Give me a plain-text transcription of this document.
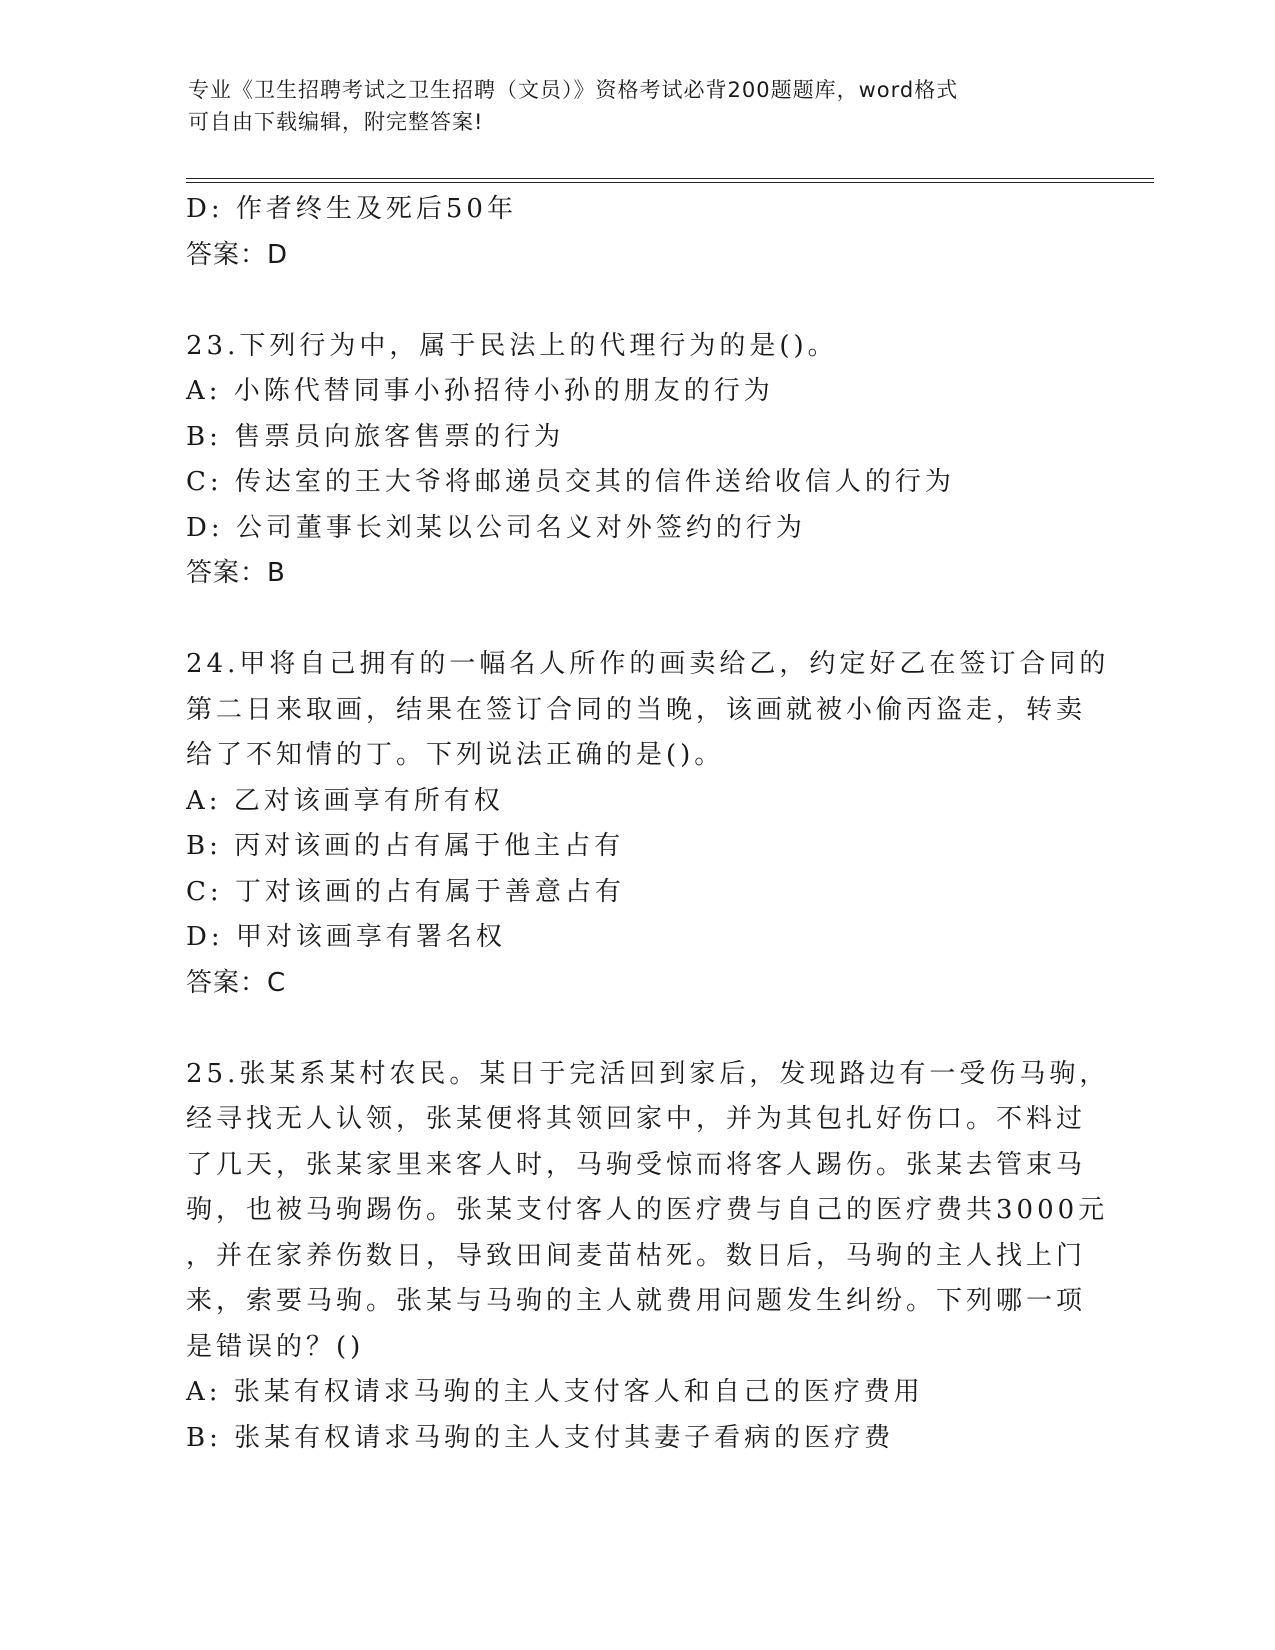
专业《卫生招聘考试之卫生招聘（文员）》资格考试必背200题题库，word格式
可自由下载编辑，附完整答案!
D: 作者终生及死后50年
答案：D
23.下列行为中，属于民法上的代理行为的是()。
A: 小陈代替同事小孙招待小孙的朋友的行为
B: 售票员向旅客售票的行为
C: 传达室的王大爷将邮递员交其的信件送给收信人的行为
D: 公司董事长刘某以公司名义对外签约的行为
答案：B
24.甲将自己拥有的一幅名人所作的画卖给乙，约定好乙在签订合同的
第二日来取画，结果在签订合同的当晚，该画就被小偷丙盗走，转卖
给了不知情的丁。下列说法正确的是()。
A: 乙对该画享有所有权
B: 丙对该画的占有属于他主占有
C: 丁对该画的占有属于善意占有
D: 甲对该画享有署名权
答案：C
25.张某系某村农民。某日于完活回到家后，发现路边有一受伤马驹，
经寻找无人认领，张某便将其领回家中，并为其包扎好伤口。不料过
了几天，张某家里来客人时，马驹受惊而将客人踢伤。张某去管束马
驹，也被马驹踢伤。张某支付客人的医疗费与自己的医疗费共3000元
，并在家养伤数日，导致田间麦苗枯死。数日后，马驹的主人找上门
来，索要马驹。张某与马驹的主人就费用问题发生纠纷。下列哪一项
是错误的？()
A: 张某有权请求马驹的主人支付客人和自己的医疗费用
B: 张某有权请求马驹的主人支付其妻子看病的医疗费
